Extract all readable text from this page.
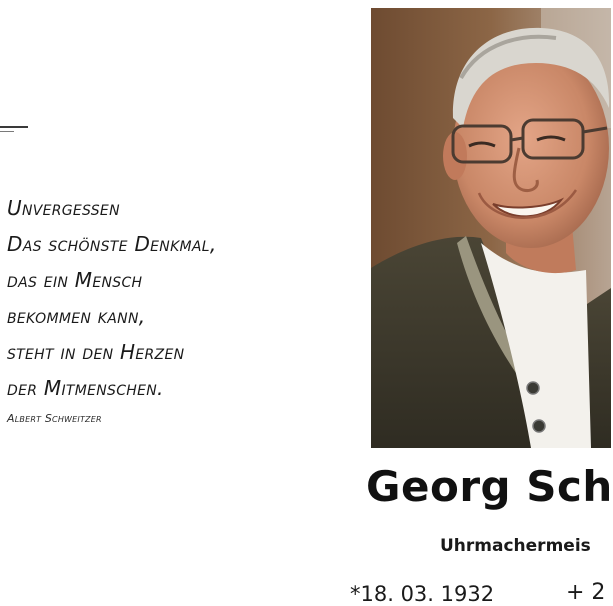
Unvergessen
Das schönste Denkmal,
das ein Mensch
bekommen kann,
steht in den Herzen
der Mitmenschen.
Albert Schweitzer
Georg Sch
Uhrmachermeis
*18. 03. 1932	+ 2
